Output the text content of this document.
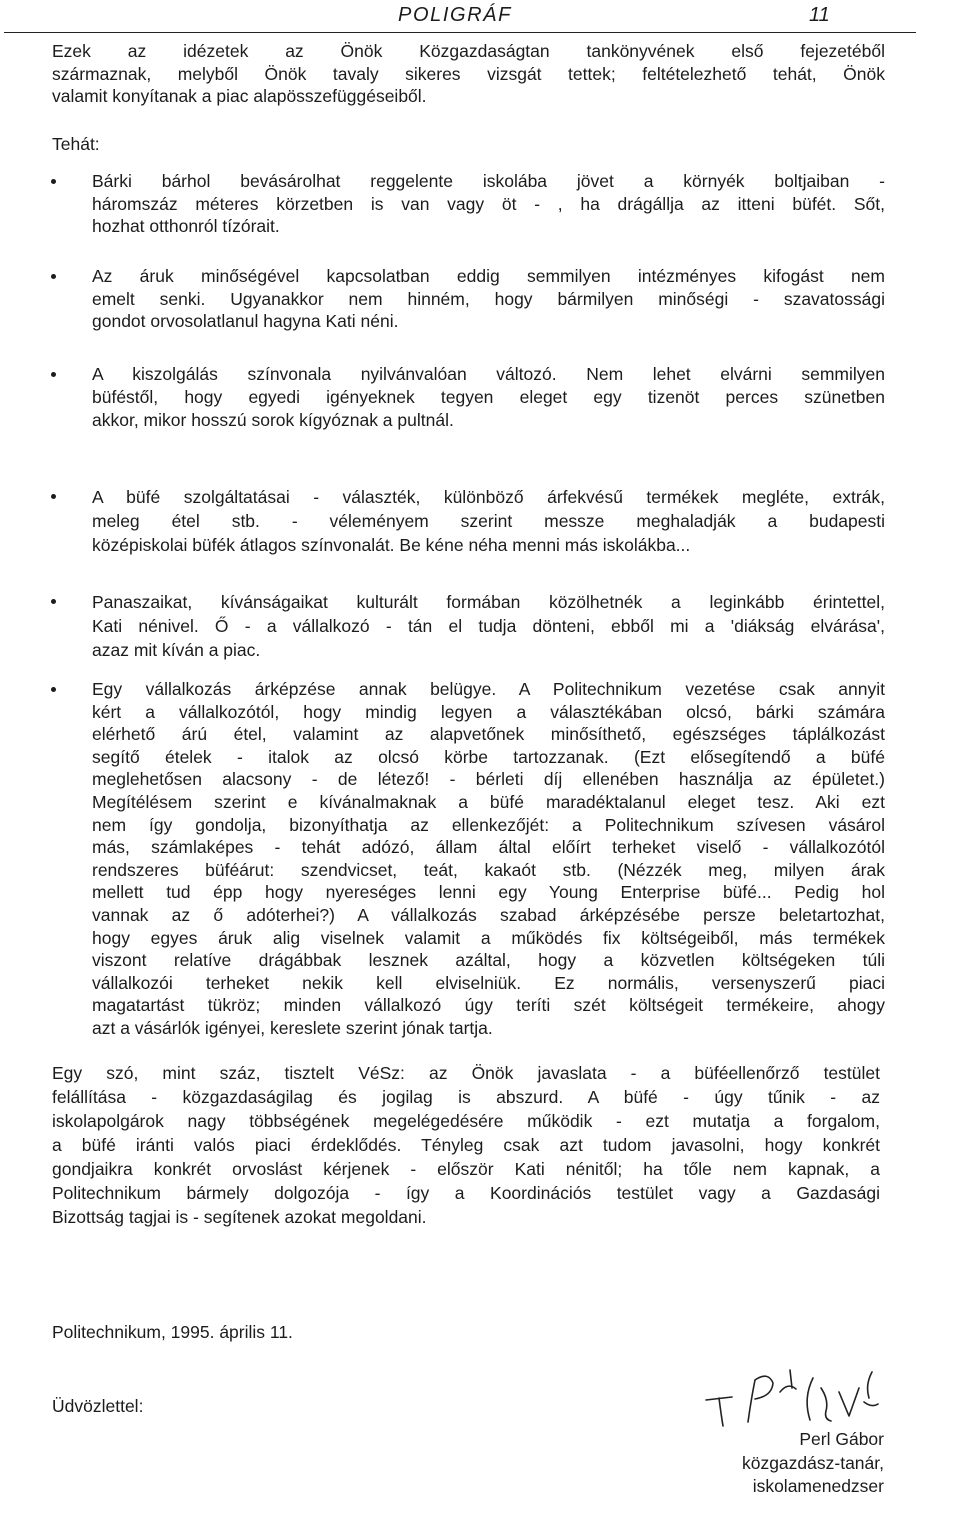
POLIGRÁF	11
Ezek az idézetek az Önök Közgazdaságtan tankönyvének első fejezetéből
származnak, melyből Önök tavaly sikeres vizsgát tettek; feltételezhető tehát, Önök
valamit konyítanak a piac alapösszefüggéseiből.
Tehát:
Bárki bárhol bevásárolhat reggelente iskolába jövet a környék boltjaiban -
háromszáz méteres körzetben is van vagy öt - , ha drágállja az itteni büfét. Sőt,
hozhat otthonról tízórait.
Az áruk minőségével kapcsolatban eddig semmilyen intézményes kifogást nem
emelt senki. Ugyanakkor nem hinném, hogy bármilyen minőségi - szavatossági
gondot orvosolatlanul hagyna Kati néni.
A kiszolgálás színvonala nyilvánvalóan változó. Nem lehet elvárni semmilyen
büféstől, hogy egyedi igényeknek tegyen eleget egy tizenöt perces szünetben
akkor, mikor hosszú sorok kígyóznak a pultnál.
A büfé szolgáltatásai - választék, különböző árfekvésű termékek megléte, extrák,
meleg étel stb. - véleményem szerint messze meghaladják a budapesti
középiskolai büfék átlagos színvonalát. Be kéne néha menni más iskolákba...
Panaszaikat, kívánságaikat kulturált formában közölhetnék a leginkább érintettel,
Kati nénivel. Ő - a vállalkozó - tán el tudja dönteni, ebből mi a 'diákság elvárása',
azaz mit kíván a piac.
Egy vállalkozás árképzése annak belügye. A Politechnikum vezetése csak annyit
kért a vállalkozótól, hogy mindig legyen a választékában olcsó, bárki számára
elérhető árú étel, valamint az alapvetőnek minősíthető, egészséges táplálkozást
segítő ételek - italok az olcsó körbe tartozzanak. (Ezt elősegítendő a büfé
meglehetősen alacsony - de létező! - bérleti díj ellenében használja az épületet.)
Megítélésem szerint e kívánalmaknak a büfé maradéktalanul eleget tesz. Aki ezt
nem így gondolja, bizonyíthatja az ellenkezőjét: a Politechnikum szívesen vásárol
más, számlaképes - tehát adózó, állam által előírt terheket viselő - vállalkozótól
rendszeres büféárut: szendvicset, teát, kakaót stb. (Nézzék meg, milyen árak
mellett tud épp hogy nyereséges lenni egy Young Enterprise büfé... Pedig hol
vannak az ő adóterhei?) A vállalkozás szabad árképzésébe persze beletartozhat,
hogy egyes áruk alig viselnek valamit a működés fix költségeiből, más termékek
viszont relatíve drágábbak lesznek azáltal, hogy a közvetlen költségeken túli
vállalkozói terheket nekik kell elviselniük. Ez normális, versenyszerű piaci
magatartást tükröz; minden vállalkozó úgy teríti szét költségeit termékeire, ahogy
azt a vásárlók igényei, kereslete szerint jónak tartja.
Egy szó, mint száz, tisztelt VéSz: az Önök javaslata - a büféellenőrző testület
felállítása - közgazdaságilag és jogilag is abszurd. A büfé - úgy tűnik - az
iskolapolgárok nagy többségének megelégedésére működik - ezt mutatja a forgalom,
a büfé iránti valós piaci érdeklődés. Tényleg csak azt tudom javasolni, hogy konkrét
gondjaikra konkrét orvoslást kérjenek - először Kati nénitől; ha tőle nem kapnak, a
Politechnikum bármely dolgozója - így a Koordinációs testület vagy a Gazdasági
Bizottság tagjai is - segítenek azokat megoldani.
Politechnikum, 1995. április 11.
Üdvözlettel:
Perl Gábor
közgazdász-tanár,
iskolamenedzser
